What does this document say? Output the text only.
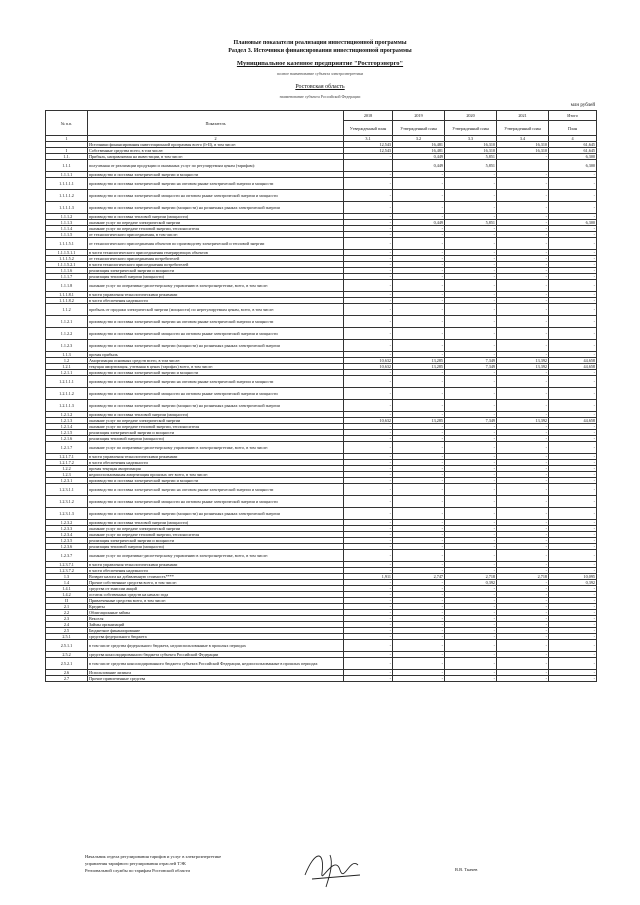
Плановые показатели реализации инвестиционной программы
Раздел 3. Источники финансирования инвестиционной программы
Муниципальное казенное предприятие "Ростгорэнерго"
полное наименование субъекта электроэнергетики
Ростовская область
наименование субъекта Российской Федерации
млн рублей
№ п.п.	Показатель	2018	2019	2020	2021	Итого
		Утвержденный план	Утвержденный план	Утвержденный план	Утвержденный план	План
1	2	3.1	3.2	3.3	3.4	4
	Источники финансирования инвестиционной программы всего (I+II), в том числе:	12,543	16,481	16,310	16,310	61,645
I	Собственные средства всего, в том числе:	12,543	16,481	16,310	16,310	61,645
1.1.	Прибыль, направляемая на инвестиции, в том числе:	-	0,449	5,851	-	6,300
1.1.1	полученная от реализации продукции и оказанных услуг по регулируемым ценам (тарифам):		0,449	5,851		6,300
1.1.1.1	производство и поставка электрической энергии и мощности	-	-	-	-	-
1.1.1.1.1	производство и поставка электрической энергии на оптовом рынке электрической энергии и мощности	-	-	-	-	-
1.1.1.1.2	производство и поставка электрической мощности на оптовом рынке электрической энергии и мощности	-	-	-	-	-
1.1.1.1.3	производство и поставка электрической энергии (мощности) на розничных рынках электрической энергии	-	-	-	-	-
1.1.1.2	производство и поставка тепловой энергии (мощности)	-	-	-	-	-
1.1.1.3	оказание услуг по передаче электрической энергии	-	0,449	5,851	-	6,300
1.1.1.4	оказание услуг по передаче тепловой энергии, теплоносителя	-	-	-	-	-
1.1.1.5	от технологического присоединения, в том числе:	-	-	-	-	-
1.1.1.5.1	от технологического присоединения объектов по производству электрической и тепловой энергии	-	-	-	-	-
1.1.1.5.1.1	в части технологического присоединения генерирующих объектов	-	-	-	-	-
1.1.1.5.2	от технологического присоединения потребителей	-	-	-	-	-
1.1.1.5.2.1	в части технологического присоединения потребителей	-	-	-	-	-
1.1.1.6	реализация электрической энергии и мощности	-	-	-	-	-
1.1.1.7	реализация тепловой энергии (мощности)	-	-	-	-	-
1.1.1.8	оказание услуг по оперативно-диспетчерскому управлению в электроэнергетике, всего, в том числе:	-	-	-	-	-
1.1.1.8.1	в части управления технологическими режимами	-	-	-	-	-
1.1.1.8.2	в части обеспечения надежности	-	-	-	-	-
1.1.2	прибыль от продажи электрической энергии (мощности) по нерегулируемым ценам, всего, в том числе:	-	-	-	-	-
1.1.2.1	производство и поставка электрической энергии на оптовом рынке электрической энергии и мощности	-	-	-	-	-
1.1.2.2	производство и поставка электрической мощности на оптовом рынке электрической энергии и мощности	-	-	-	-	-
1.1.2.3	производство и поставка электрической энергии (мощности) на розничных рынках электрической энергии	-	-	-	-	-
1.1.3	прочая прибыль	-	-	-	-	-
1.2	Амортизация основных средств всего, в том числе:	10,632	13,285	7,349	13,392	44,658
1.2.1	текущая амортизация, учтенная в ценах (тарифах) всего, в том числе:	10,632	13,285	7,349	13,392	44,658
1.2.1.1	производство и поставка электрической энергии и мощности	-	-	-	-	-
1.2.1.1.1	производство и поставка электрической энергии на оптовом рынке электрической энергии и мощности	-	-	-	-	-
1.2.1.1.2	производство и поставка электрической мощности на оптовом рынке электрической энергии и мощности	-	-	-	-	-
1.2.1.1.3	производство и поставка электрической энергии (мощности) на розничных рынках электрической энергии	-	-	-	-	-
1.2.1.2	производство и поставка тепловой энергии (мощности)	-	-	-	-	-
1.2.1.3	оказание услуг по передаче электрической энергии	10,632	13,285	7,349	13,392	44,658
1.2.1.4	оказание услуг по передаче тепловой энергии, теплоносителя	-	-	-	-	-
1.2.1.5	реализация электрической энергии и мощности	-	-	-	-	-
1.2.1.6	реализация тепловой энергии (мощности)	-	-	-	-	-
1.2.1.7	оказание услуг по оперативно-диспетчерскому управлению в электроэнергетике, всего, в том числе:	-	-	-	-	-
1.2.1.7.1	в части управления технологическими режимами	-	-	-	-	-
1.2.1.7.2	в части обеспечения надежности	-	-	-	-	-
1.2.2	прочая текущая амортизация	-	-	-	-	-
1.2.3	недоиспользованная амортизация прошлых лет всего, в том числе:	-	-	-	-	-
1.2.3.1	производство и поставка электрической энергии и мощности	-	-	-	-	-
1.2.3.1.1	производство и поставка электрической энергии на оптовом рынке электрической энергии и мощности	-	-	-	-	-
1.2.3.1.2	производство и поставка электрической мощности на оптовом рынке электрической энергии и мощности	-	-	-	-	-
1.2.3.1.3	производство и поставка электрической энергии (мощности) на розничных рынках электрической энергии	-	-	-	-	-
1.2.3.2	производство и поставка тепловой энергии (мощности)	-	-	-	-	-
1.2.3.3	оказание услуг по передаче электрической энергии	-	-	-	-	-
1.2.3.4	оказание услуг по передаче тепловой энергии, теплоносителя	-	-	-	-	-
1.2.3.5	реализация электрической энергии и мощности	-	-	-	-	-
1.2.3.6	реализация тепловой энергии (мощности)	-	-	-	-	-
1.2.3.7	оказание услуг по оперативно-диспетчерскому управлению в электроэнергетике, всего, в том числе:	-	-	-	-	-
1.2.3.7.1	в части управления технологическими режимами	-	-	-	-	-
1.2.3.7.2	в части обеспечения надежности	-	-	-	-	-
1.3	Возврат налога на добавленную стоимость****	1,911	2,747	2,718	2,718	10,095
1.4	Прочие собственные средства всего, в том числе:	-	-	0,392	-	0,392
1.4.1	средства от эмиссии акций	-	-	-	-	-
1.4.2	остаток собственных средств на начало года	-	-	-	-	-
II	Привлеченные средства всего, в том числе:	-	-	-	-	-
2.1	Кредиты	-	-	-	-	-
2.2	Облигационные займы	-	-	-	-	-
2.3	Векселя	-	-	-	-	-
2.4	Займы организаций	-	-	-	-	-
2.5	Бюджетное финансирование	-	-	-	-	-
2.5.1	средства федерального бюджета	-	-	-	-	-
2.5.1.1	в том числе средства федерального бюджета, недоиспользованные в прошлых периодах	-	-	-	-	-
2.5.2	средства консолидированного бюджета субъекта Российской Федерации	-	-	-	-	-
2.5.2.1	в том числе средства консолидированного бюджета субъекта Российской Федерации, недоиспользованные в прошлых периодах	-	-	-	-	-
2.6	Использование лизинга	-	-	-	-	-
2.7	Прочие привлеченные средства	-	-	-	-	-
Начальник отдела регулирования тарифов и услуг в электроэнергетике
управления тарифного регулирования отраслей ТЭК
Региональной службы по тарифам Ростовской области	В.В. Ткачев
